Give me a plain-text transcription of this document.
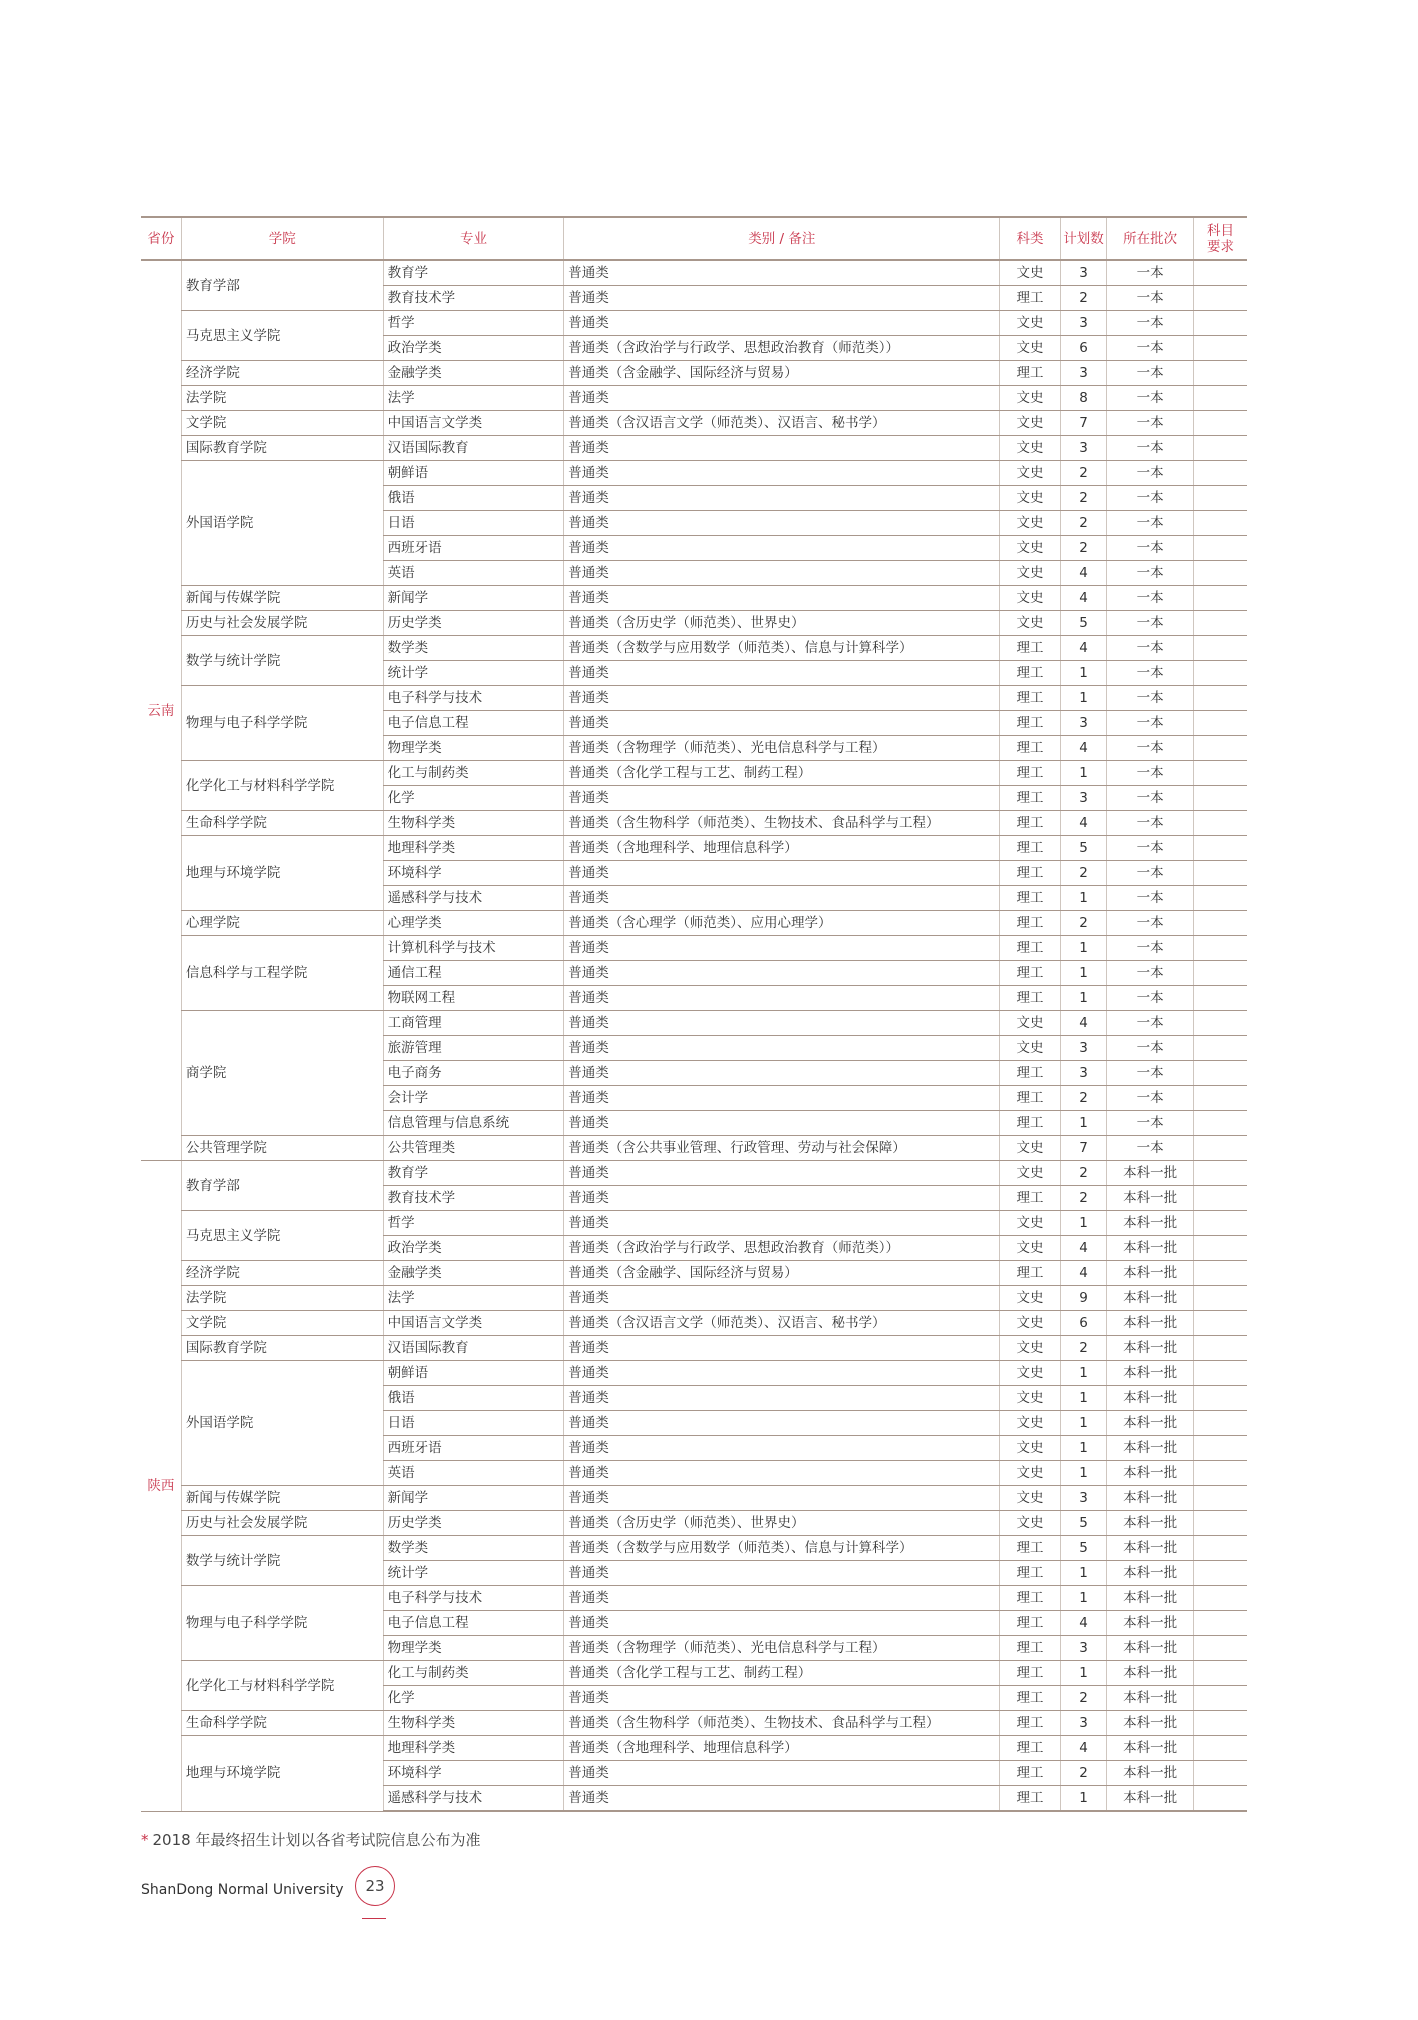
省份	学院	专业	类别 / 备注	科类	计划数	所在批次	科目要求
云南	教育学部	教育学	普通类	文史	3	一本	
		教育技术学	普通类	理工	2	一本	
	马克思主义学院	哲学	普通类	文史	3	一本	
		政治学类	普通类（含政治学与行政学、思想政治教育（师范类））	文史	6	一本	
	经济学院	金融学类	普通类（含金融学、国际经济与贸易）	理工	3	一本	
	法学院	法学	普通类	文史	8	一本	
	文学院	中国语言文学类	普通类（含汉语言文学（师范类）、汉语言、秘书学）	文史	7	一本	
	国际教育学院	汉语国际教育	普通类	文史	3	一本	
	外国语学院	朝鲜语	普通类	文史	2	一本	
		俄语	普通类	文史	2	一本	
		日语	普通类	文史	2	一本	
		西班牙语	普通类	文史	2	一本	
		英语	普通类	文史	4	一本	
	新闻与传媒学院	新闻学	普通类	文史	4	一本	
	历史与社会发展学院	历史学类	普通类（含历史学（师范类）、世界史）	文史	5	一本	
	数学与统计学院	数学类	普通类（含数学与应用数学（师范类）、信息与计算科学）	理工	4	一本	
		统计学	普通类	理工	1	一本	
	物理与电子科学学院	电子科学与技术	普通类	理工	1	一本	
		电子信息工程	普通类	理工	3	一本	
		物理学类	普通类（含物理学（师范类）、光电信息科学与工程）	理工	4	一本	
	化学化工与材料科学学院	化工与制药类	普通类（含化学工程与工艺、制药工程）	理工	1	一本	
		化学	普通类	理工	3	一本	
	生命科学学院	生物科学类	普通类（含生物科学（师范类）、生物技术、食品科学与工程）	理工	4	一本	
	地理与环境学院	地理科学类	普通类（含地理科学、地理信息科学）	理工	5	一本	
		环境科学	普通类	理工	2	一本	
		遥感科学与技术	普通类	理工	1	一本	
	心理学院	心理学类	普通类（含心理学（师范类）、应用心理学）	理工	2	一本	
	信息科学与工程学院	计算机科学与技术	普通类	理工	1	一本	
		通信工程	普通类	理工	1	一本	
		物联网工程	普通类	理工	1	一本	
	商学院	工商管理	普通类	文史	4	一本	
		旅游管理	普通类	文史	3	一本	
		电子商务	普通类	理工	3	一本	
		会计学	普通类	理工	2	一本	
		信息管理与信息系统	普通类	理工	1	一本	
	公共管理学院	公共管理类	普通类（含公共事业管理、行政管理、劳动与社会保障）	文史	7	一本	
陕西	教育学部	教育学	普通类	文史	2	本科一批	
		教育技术学	普通类	理工	2	本科一批	
	马克思主义学院	哲学	普通类	文史	1	本科一批	
		政治学类	普通类（含政治学与行政学、思想政治教育（师范类））	文史	4	本科一批	
	经济学院	金融学类	普通类（含金融学、国际经济与贸易）	理工	4	本科一批	
	法学院	法学	普通类	文史	9	本科一批	
	文学院	中国语言文学类	普通类（含汉语言文学（师范类）、汉语言、秘书学）	文史	6	本科一批	
	国际教育学院	汉语国际教育	普通类	文史	2	本科一批	
	外国语学院	朝鲜语	普通类	文史	1	本科一批	
		俄语	普通类	文史	1	本科一批	
		日语	普通类	文史	1	本科一批	
		西班牙语	普通类	文史	1	本科一批	
		英语	普通类	文史	1	本科一批	
	新闻与传媒学院	新闻学	普通类	文史	3	本科一批	
	历史与社会发展学院	历史学类	普通类（含历史学（师范类）、世界史）	文史	5	本科一批	
	数学与统计学院	数学类	普通类（含数学与应用数学（师范类）、信息与计算科学）	理工	5	本科一批	
		统计学	普通类	理工	1	本科一批	
	物理与电子科学学院	电子科学与技术	普通类	理工	1	本科一批	
		电子信息工程	普通类	理工	4	本科一批	
		物理学类	普通类（含物理学（师范类）、光电信息科学与工程）	理工	3	本科一批	
	化学化工与材料科学学院	化工与制药类	普通类（含化学工程与工艺、制药工程）	理工	1	本科一批	
		化学	普通类	理工	2	本科一批	
	生命科学学院	生物科学类	普通类（含生物科学（师范类）、生物技术、食品科学与工程）	理工	3	本科一批	
	地理与环境学院	地理科学类	普通类（含地理科学、地理信息科学）	理工	4	本科一批	
		环境科学	普通类	理工	2	本科一批	
		遥感科学与技术	普通类	理工	1	本科一批	
* 2018 年最终招生计划以各省考试院信息公布为准
ShanDong Normal University	23
